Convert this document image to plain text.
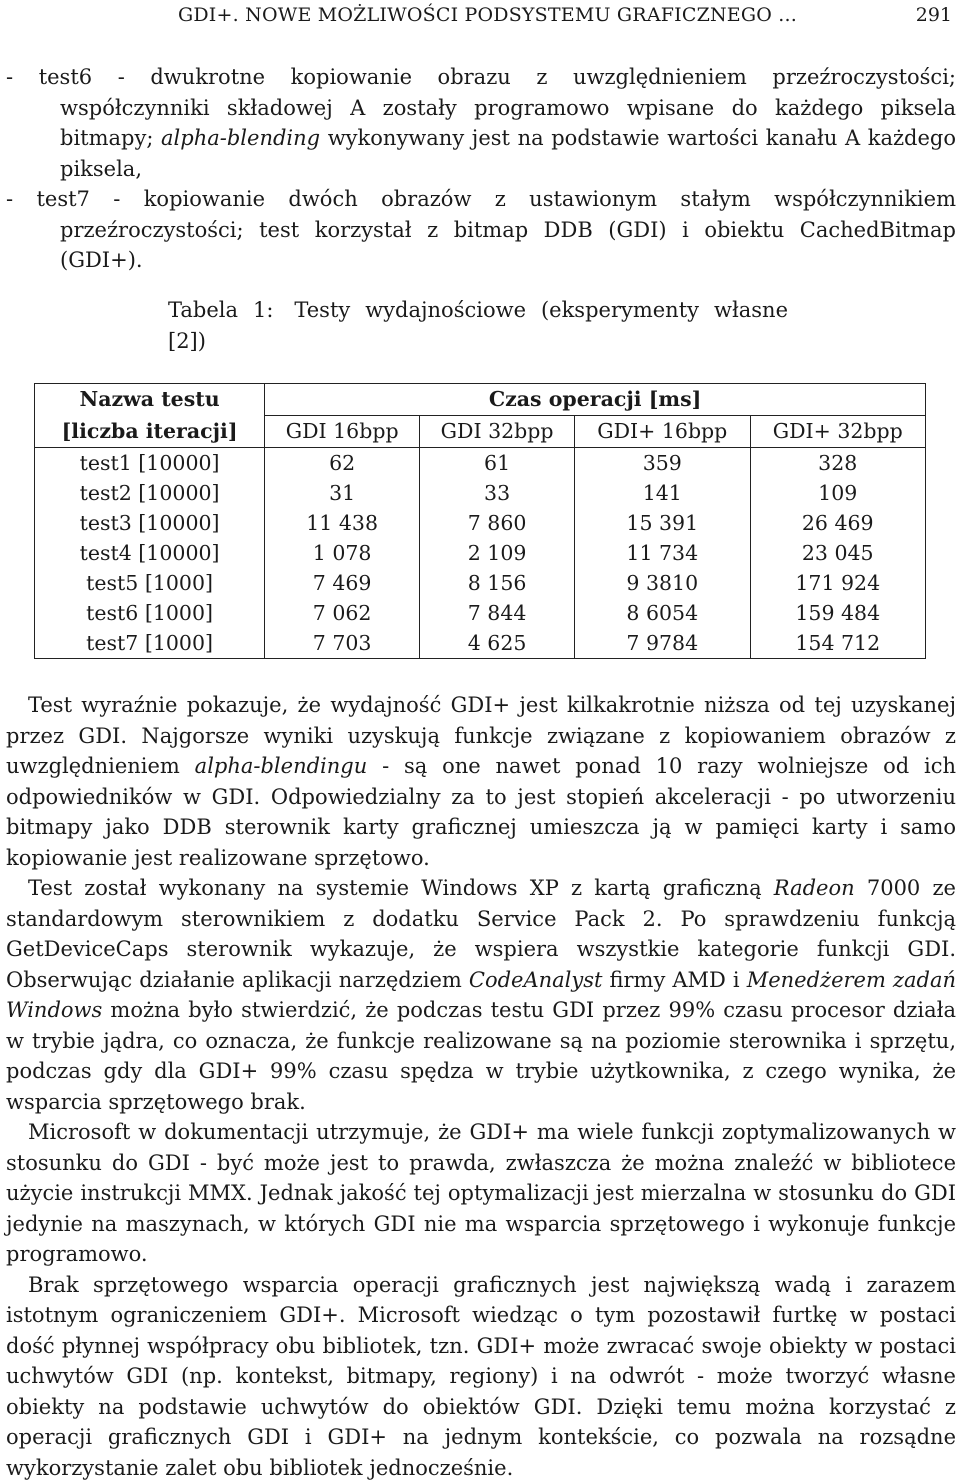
GDI+. NOWE MOŻLIWOŚCI PODSYSTEMU GRAFICZNEGO ...	291

- test6 - dwukrotne kopiowanie obrazu z uwzględnieniem przeźroczystości; współczynniki składowej A zostały programowo wpisane do każdego piksela bitmapy; alpha-blending wykonywany jest na podstawie wartości kanału A każdego piksela,

- test7 - kopiowanie dwóch obrazów z ustawionym stałym współczynnikiem przeźroczystości; test korzystał z bitmap DDB (GDI) i obiektu CachedBitmap (GDI+).

Tabela 1: Testy wydajnościowe (eksperymenty własne [2])
Nazwa testu	Czas operacji [ms]			
[liczba iteracji]	GDI 16bpp	GDI 32bpp	GDI+ 16bpp	GDI+ 32bpp
test1 [10000]	62	61	359	328
test2 [10000]	31	33	141	109
test3 [10000]	11 438	7 860	15 391	26 469
test4 [10000]	1 078	2 109	11 734	23 045
test5 [1000]	7 469	8 156	9 3810	171 924
test6 [1000]	7 062	7 844	8 6054	159 484
test7 [1000]	7 703	4 625	7 9784	154 712

Test wyraźnie pokazuje, że wydajność GDI+ jest kilkakrotnie niższa od tej uzyskanej przez GDI. Najgorsze wyniki uzyskują funkcje związane z kopiowaniem obrazów z uwzględnieniem alpha-blendingu - są one nawet ponad 10 razy wolniejsze od ich odpowiedników w GDI. Odpowiedzialny za to jest stopień akceleracji - po utworzeniu bitmapy jako DDB sterownik karty graficznej umieszcza ją w pamięci karty i samo kopiowanie jest realizowane sprzętowo.

Test został wykonany na systemie Windows XP z kartą graficzną Radeon 7000 ze standardowym sterownikiem z dodatku Service Pack 2. Po sprawdzeniu funkcją GetDeviceCaps sterownik wykazuje, że wspiera wszystkie kategorie funkcji GDI. Obserwując działanie aplikacji narzędziem CodeAnalyst firmy AMD i Menedżerem zadań Windows można było stwierdzić, że podczas testu GDI przez 99% czasu procesor działa w trybie jądra, co oznacza, że funkcje realizowane są na poziomie sterownika i sprzętu, podczas gdy dla GDI+ 99% czasu spędza w trybie użytkownika, z czego wynika, że wsparcia sprzętowego brak.

Microsoft w dokumentacji utrzymuje, że GDI+ ma wiele funkcji zoptymalizowanych w stosunku do GDI - być może jest to prawda, zwłaszcza że można znaleźć w bibliotece użycie instrukcji MMX. Jednak jakość tej optymalizacji jest mierzalna w stosunku do GDI jedynie na maszynach, w których GDI nie ma wsparcia sprzętowego i wykonuje funkcje programowo.

Brak sprzętowego wsparcia operacji graficznych jest największą wadą i zarazem istotnym ograniczeniem GDI+. Microsoft wiedząc o tym pozostawił furtkę w postaci dość płynnej współpracy obu bibliotek, tzn. GDI+ może zwracać swoje obiekty w postaci uchwytów GDI (np. kontekst, bitmapy, regiony) i na odwrót - może tworzyć własne obiekty na podstawie uchwytów do obiektów GDI. Dzięki temu można korzystać z operacji graficznych GDI i GDI+ na jednym kontekście, co pozwala na rozsądne wykorzystanie zalet obu bibliotek jednocześnie.
